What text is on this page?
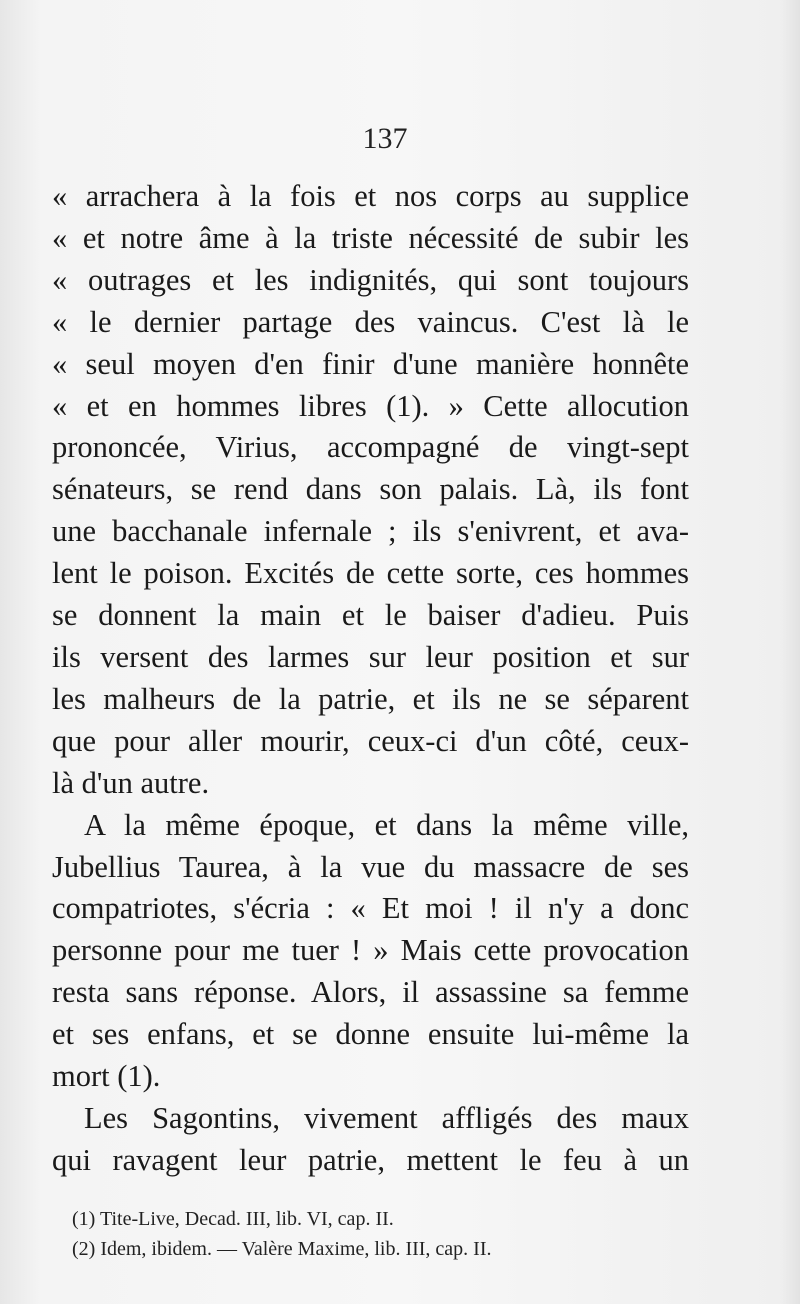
137
« arrachera à la fois et nos corps au supplice
« et notre âme à la triste nécessité de subir les
« outrages et les indignités, qui sont toujours
« le dernier partage des vaincus. C'est là le
« seul moyen d'en finir d'une manière honnête
« et en hommes libres (1). » Cette allocution
prononcée, Virius, accompagné de vingt-sept
sénateurs, se rend dans son palais. Là, ils font
une bacchanale infernale ; ils s'enivrent, et ava-
lent le poison. Excités de cette sorte, ces hommes
se donnent la main et le baiser d'adieu. Puis
ils versent des larmes sur leur position et sur
les malheurs de la patrie, et ils ne se séparent
que pour aller mourir, ceux-ci d'un côté, ceux-
là d'un autre.
A la même époque, et dans la même ville,
Jubellius Taurea, à la vue du massacre de ses
compatriotes, s'écria : « Et moi ! il n'y a donc
personne pour me tuer ! » Mais cette provocation
resta sans réponse. Alors, il assassine sa femme
et ses enfans, et se donne ensuite lui-même la
mort (1).
Les Sagontins, vivement affligés des maux
qui ravagent leur patrie, mettent le feu à un
(1) Tite-Live, Decad. III, lib. VI, cap. II.
(2) Idem, ibidem. — Valère Maxime, lib. III, cap. II.
